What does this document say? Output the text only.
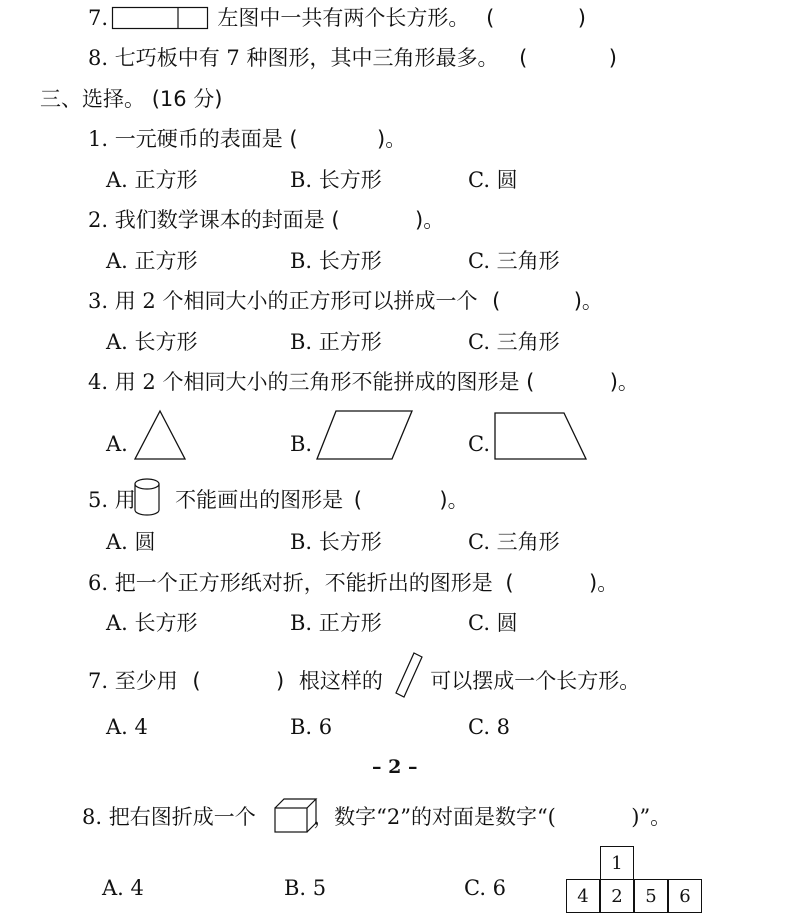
7.	左图中一共有两个长方形。 (	)
8. 七巧板中有 7 种图形，其中三角形最多。 (	)
三、选择。 (16 分)
1. 一元硬币的表面是 (	)。
A. 正方形	B. 长方形	C. 圆
2. 我们数学课本的封面是 (	)。
A. 正方形	B. 长方形	C. 三角形
3. 用 2 个相同大小的正方形可以拼成一个 (	)。
A. 长方形	B. 正方形	C. 三角形
4. 用 2 个相同大小的三角形不能拼成的图形是 (	)。
A.	B.	C.
5. 用 不能画出的图形是 (	)。
A. 圆	B. 长方形	C. 三角形
6. 把一个正方形纸对折，不能折出的图形是 (	)。
A. 长方形	B. 正方形	C. 圆
7. 至少用 (	) 根这样的 可以摆成一个长方形。
A. 4	B. 6	C. 8
– 2 –
8. 把右图折成一个	，数字“2”的对面是数字“(	)”。
1
4	2	5	6
A. 4	B. 5	C. 6
